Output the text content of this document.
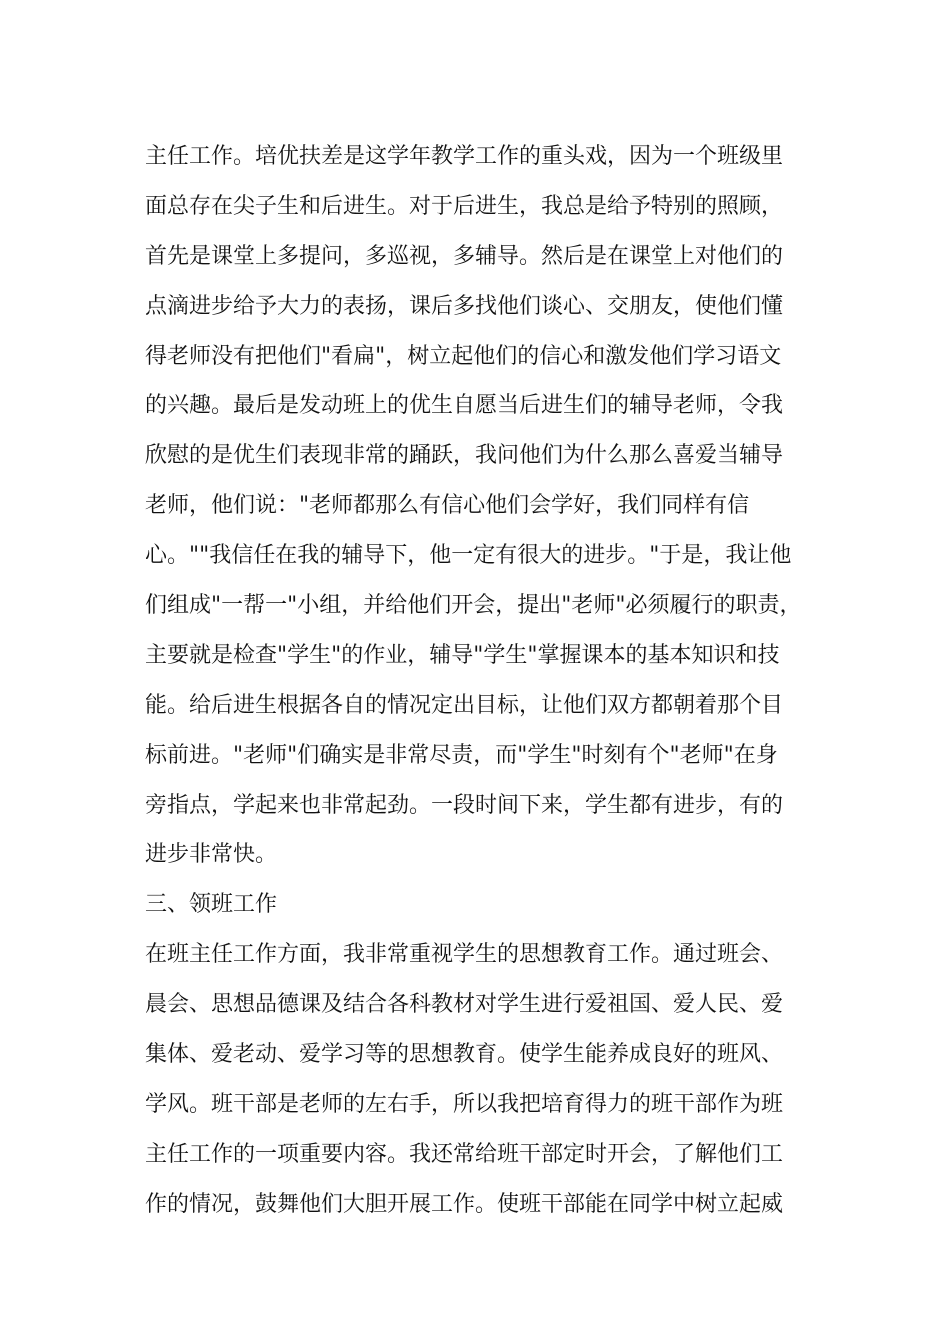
主任工作。培优扶差是这学年教学工作的重头戏，因为一个班级里
面总存在尖子生和后进生。对于后进生，我总是给予特别的照顾，
首先是课堂上多提问，多巡视，多辅导。然后是在课堂上对他们的
点滴进步给予大力的表扬，课后多找他们谈心、交朋友，使他们懂
得老师没有把他们"看扁"，树立起他们的信心和激发他们学习语文
的兴趣。最后是发动班上的优生自愿当后进生们的辅导老师，令我
欣慰的是优生们表现非常的踊跃，我问他们为什么那么喜爱当辅导
老师，他们说："老师都那么有信心他们会学好，我们同样有信
心。""我信任在我的辅导下，他一定有很大的进步。"于是，我让他
们组成"一帮一"小组，并给他们开会，提出"老师"必须履行的职责，
主要就是检查"学生"的作业，辅导"学生"掌握课本的基本知识和技
能。给后进生根据各自的情况定出目标，让他们双方都朝着那个目
标前进。"老师"们确实是非常尽责，而"学生"时刻有个"老师"在身
旁指点，学起来也非常起劲。一段时间下来，学生都有进步，有的
进步非常快。
三、领班工作
在班主任工作方面，我非常重视学生的思想教育工作。通过班会、
晨会、思想品德课及结合各科教材对学生进行爱祖国、爱人民、爱
集体、爱老动、爱学习等的思想教育。使学生能养成良好的班风、
学风。班干部是老师的左右手，所以我把培育得力的班干部作为班
主任工作的一项重要内容。我还常给班干部定时开会，了解他们工
作的情况，鼓舞他们大胆开展工作。使班干部能在同学中树立起威
